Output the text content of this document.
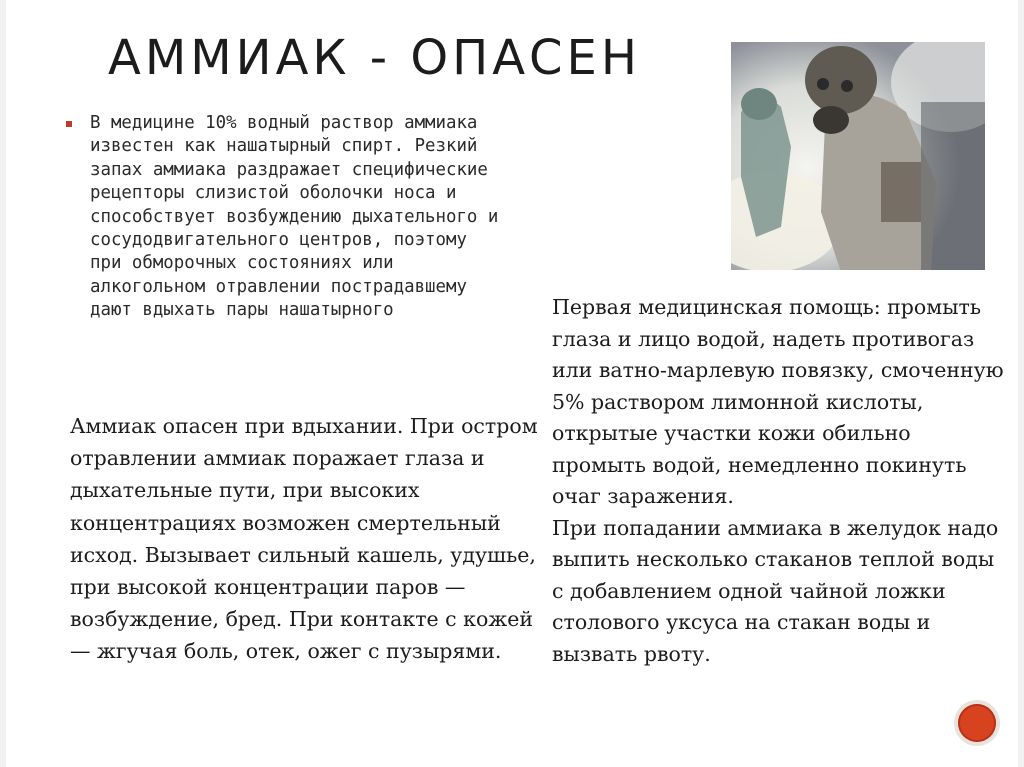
АММИАК - ОПАСЕН
В медицине 10% водный раствор аммиака известен как нашатырный спирт. Резкий запах аммиака раздражает специфические рецепторы слизистой оболочки носа и способствует возбуждению дыхательного и сосудодвигательного центров, поэтому при обморочных состояниях или алкогольном отравлении пострадавшему дают вдыхать пары нашатырного
Аммиак опасен при вдыхании. При остром отравлении аммиак поражает глаза и дыхательные пути, при высоких концентрациях возможен смертельный исход. Вызывает сильный кашель, удушье, при высокой концентрации паров — возбуждение, бред. При контакте с кожей — жгучая боль, отек, ожег с пузырями.

Первая медицинская помощь: промыть глаза и лицо водой, надеть противогаз или ватно-марлевую повязку, смоченную 5% раствором лимонной кислоты, открытые участки кожи обильно промыть водой, немедленно покинуть очаг заражения.

При попадании аммиака в желудок надо выпить несколько стаканов теплой воды с добавлением одной чайной ложки столового уксуса на стакан воды и вызвать рвоту.
